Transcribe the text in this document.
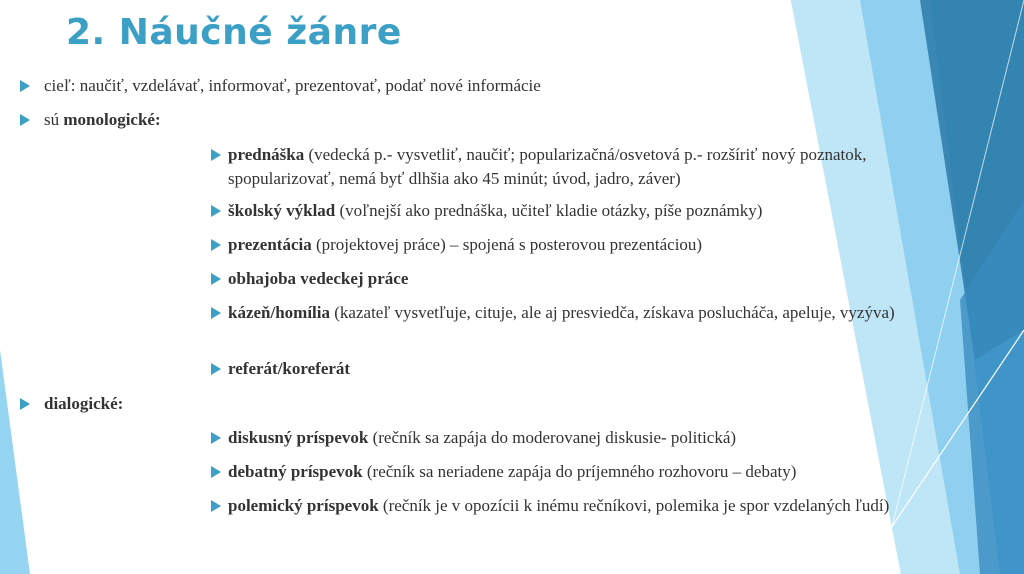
2. Náučné žánre
cieľ: naučiť, vzdelávať, informovať, prezentovať, podať nové informácie
sú monologické:
prednáška (vedecká p.- vysvetliť, naučiť; popularizačná/osvetová p.- rozšíriť nový poznatok, spopularizovať, nemá byť dlhšia ako 45 minút; úvod, jadro, záver)
školský výklad (voľnejší ako prednáška, učiteľ kladie otázky, píše poznámky)
prezentácia (projektovej práce) – spojená s posterovou prezentáciou)
obhajoba vedeckej práce
kázeň/homília (kazateľ vysvetľuje, cituje, ale aj presviedča, získava poslucháča, apeluje, vyzýva)
referát/koreferát
dialogické:
diskusný príspevok (rečník sa zapája do moderovanej diskusie- politická)
debatný príspevok (rečník sa neriadene zapája do príjemného rozhovoru – debaty)
polemický príspevok (rečník je v opozícii k inému rečníkovi, polemika je spor vzdelaných ľudí)
